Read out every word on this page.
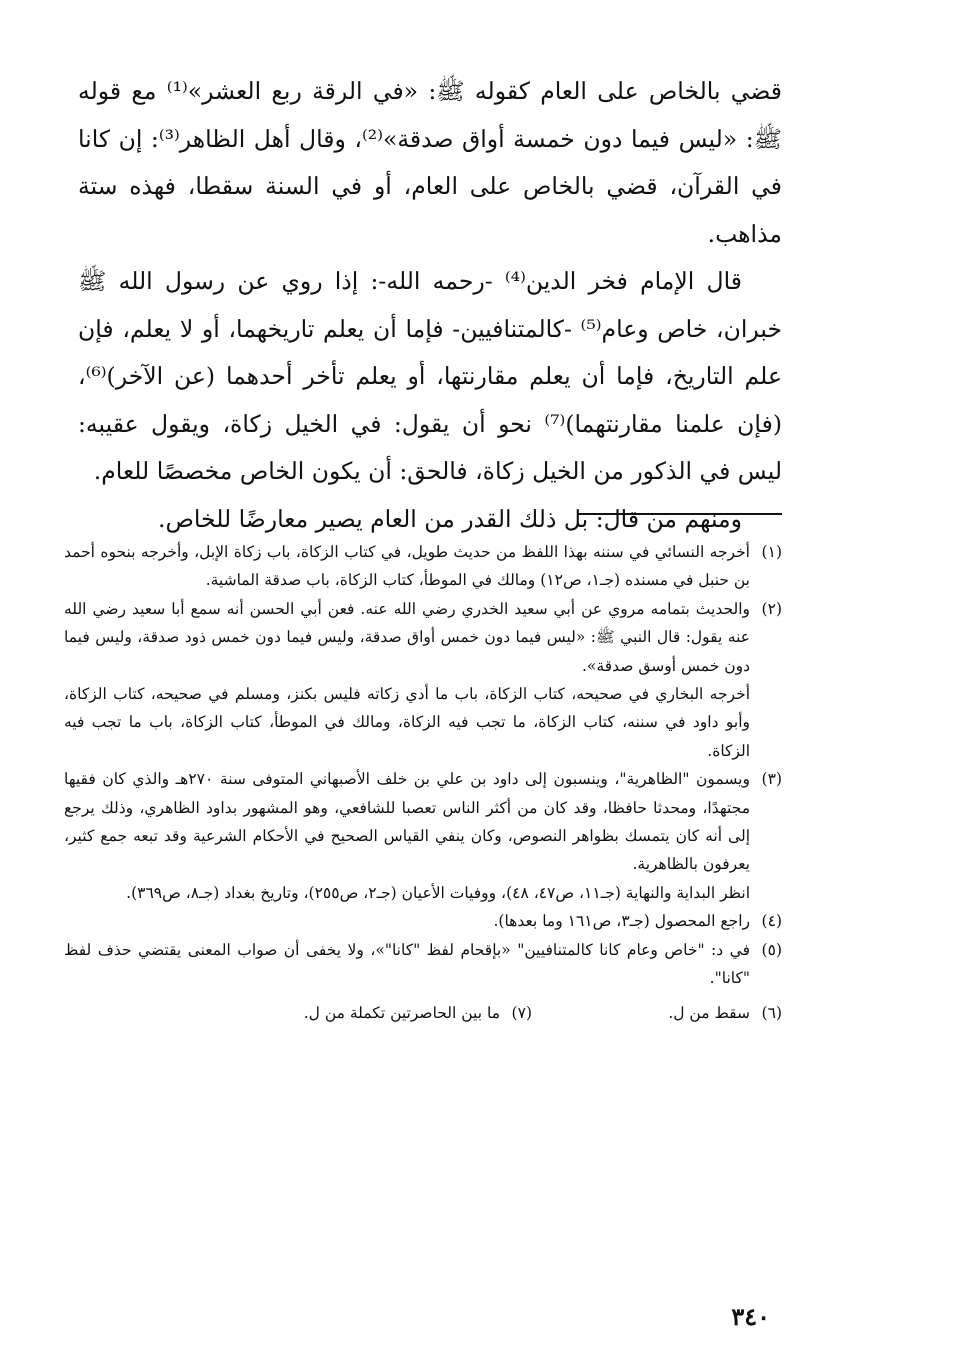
قضي بالخاص على العام كقوله ﷺ: «في الرقة ربع العشر»⁽¹⁾ مع قوله ﷺ: «ليس فيما دون خمسة أواق صدقة»⁽²⁾، وقال أهل الظاهر⁽³⁾: إن كانا في القرآن، قضي بالخاص على العام، أو في السنة سقطا، فهذه ستة مذاهب.

قال الإمام فخر الدين⁽⁴⁾ -رحمه الله-: إذا روي عن رسول الله ﷺ خبران، خاص وعام⁽⁵⁾ -كالمتنافيين- فإما أن يعلم تاريخهما، أو لا يعلم، فإن علم التاريخ، فإما أن يعلم مقارنتها، أو يعلم تأخر أحدهما (عن الآخر)⁽⁶⁾، (فإن علمنا مقارنتهما)⁽⁷⁾ نحو أن يقول: في الخيل زكاة، ويقول عقيبه: ليس في الذكور من الخيل زكاة، فالحق: أن يكون الخاص مخصصًا للعام.

ومنهم من قال: بل ذلك القدر من العام يصير معارضًا للخاص.

(١)

أخرجه النسائي في سننه بهذا اللفظ من حديث طويل، في كتاب الزكاة، باب زكاة الإبل، وأخرجه بنحوه أحمد بن حنبل في مسنده (جـ١، ص١٢) ومالك في الموطأ، كتاب الزكاة، باب صدقة الماشية.

(٢)

والحديث بتمامه مروي عن أبي سعيد الخدري رضي الله عنه. فعن أبي الحسن أنه سمع أبا سعيد رضي الله عنه يقول: قال النبي ﷺ: «ليس فيما دون خمس أواق صدقة، وليس فيما دون خمس ذود صدقة، وليس فيما دون خمس أوسق صدقة».

أخرجه البخاري في صحيحه، كتاب الزكاة، باب ما أدي زكاته فليس بكنز، ومسلم في صحيحه، كتاب الزكاة، وأبو داود في سننه، كتاب الزكاة، ما تجب فيه الزكاة، ومالك في الموطأ، كتاب الزكاة، باب ما تجب فيه الزكاة.

(٣)

ويسمون "الظاهرية"، وينسبون إلى داود بن علي بن خلف الأصبهاني المتوفى سنة ٢٧٠هـ والذي كان فقيها مجتهدًا، ومحدثا حافظا، وقد كان من أكثر الناس تعصبا للشافعي، وهو المشهور بداود الظاهري، وذلك يرجع إلى أنه كان يتمسك بظواهر النصوص، وكان ينفي القياس الصحيح في الأحكام الشرعية وقد تبعه جمع كثير، يعرفون بالظاهرية.

انظر البداية والنهاية (جـ١١، ص٤٧، ٤٨)، ووفيات الأعيان (جـ٢، ص٢٥٥)، وتاريخ بغداد (جـ٨، ص٣٦٩).

(٤)

راجع المحصول (جـ٣، ص١٦١ وما بعدها).

(٥)

في د: "خاص وعام كانا كالمتنافيين" «بإقحام لفظ "كانا"»، ولا يخفى أن صواب المعنى يقتضي حذف لفظ "كانا".

(٦)
سقط من ل.
(٧)
ما بين الحاصرتين تكملة من ل.
٣٤٠
